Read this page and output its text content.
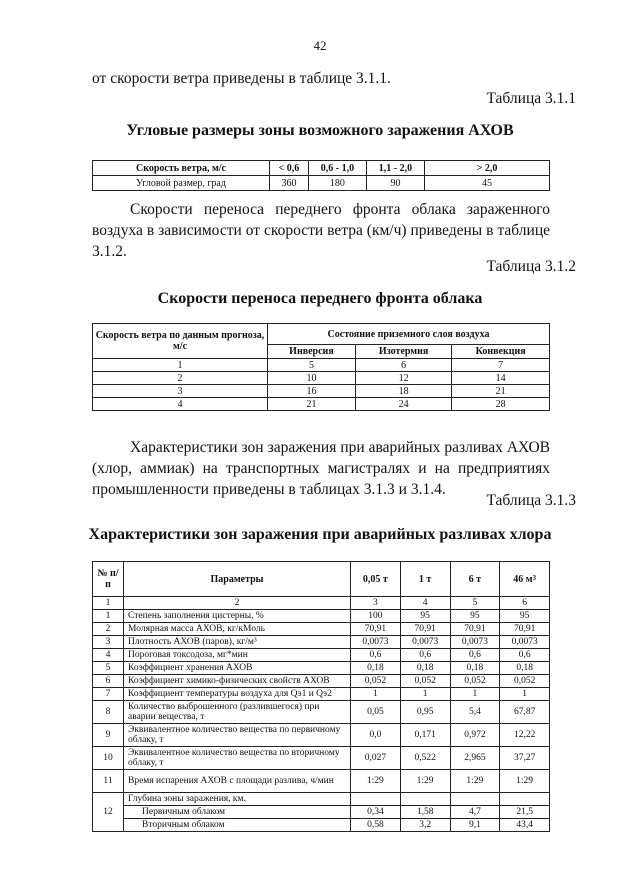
42
от скорости ветра приведены в таблице 3.1.1.
Таблица 3.1.1
Угловые размеры зоны возможного заражения АХОВ
Скорость ветра, м/с	< 0,6	0,6 - 1,0	1,1 - 2,0	> 2,0
Угловой размер, град	360	180	90	45
Скорости переноса переднего фронта облака зараженного воздуха в зависимости от скорости ветра (км/ч) приведены в таблице 3.1.2.
Таблица 3.1.2
Скорости переноса переднего фронта облака
Скорость ветра по данным прогноза, м/с	Состояние приземного слоя воздуха		
	Инверсия	Изотермия	Конвекция
1	5	6	7
2	10	12	14
3	16	18	21
4	21	24	28
Характеристики зон заражения при аварийных разливах АХОВ (хлор, аммиак) на транспортных магистралях и на предприятиях промышленности приведены в таблицах 3.1.3 и 3.1.4.
Таблица 3.1.3
Характеристики зон заражения при аварийных разливах хлора
№ п/п	Параметры	0,05 т	1 т	6 т	46 $м^3$
1	2	3	4	5	6
1	Степень заполнения цистерны, %	100	95	95	95
2	Молярная масса АХОВ, кг/кМоль	70,91	70,91	70,91	70,91
3	Плотность АХОВ (паров), кг/м³	0,0073	0,0073	0,0073	0,0073
4	Пороговая токсодоза, мг*мин	0,6	0,6	0,6	0,6
5	Коэффициент хранения АХОВ	0,18	0,18	0,18	0,18
6	Коэффициент химико-физических свойств АХОВ	0,052	0,052	0,052	0,052
7	Коэффициент температуры воздуха для Qэ1 и Qэ2	1	1	1	1
8	Количество выброшенного (разлившегося) при аварии вещества, т	0,05	0,95	5,4	67,87
9	Эквивалентное количество вещества по первичному облаку, т	0,0	0,171	0,972	12,22
10	Эквивалентное количество вещества по вторичному облаку, т	0,027	0,522	2,965	37,27
11	Время испарения АХОВ с площади разлива, ч/мин	1:29	1:29	1:29	1:29
12	Глубина зоны заражения, км.				
	Первичным облаком	0,34	1,58	4,7	21,5
	Вторичным облаком	0,58	3,2	9,1	43,4
